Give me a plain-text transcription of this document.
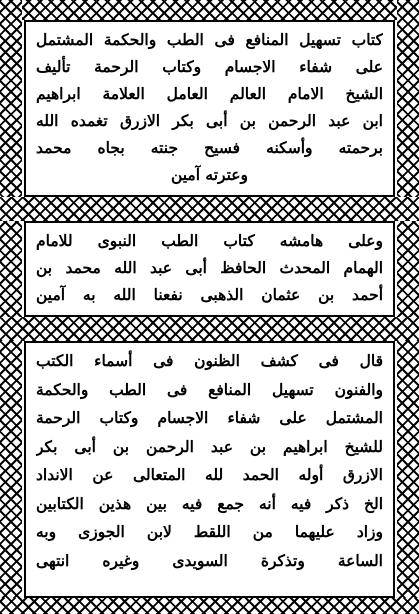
كتاب تسهيل المنافع فى الطب والحكمة المشتمل
على شفاء الاجسام وكتاب الرحمة تأليف
الشيخ الامام العالم العامل العلامة ابراهيم
ابن عبد الرحمن بن أبى بكر الازرق تغمده الله
برحمته وأسكنه فسيح جنته بجاه محمد
وعترته آمين
وعلى هامشه كتاب الطب النبوى للامام
الهمام المحدث الحافظ أبى عبد الله محمد بن
أحمد بن عثمان الذهبى نفعنا الله به آمين
قال فى كشف الظنون فى أسماء الكتب
والفنون تسهيل المنافع فى الطب والحكمة
المشتمل على شفاء الاجسام وكتاب الرحمة
للشيخ ابراهيم بن عبد الرحمن بن أبى بكر
الازرق أوله الحمد لله المتعالى عن الانداد
الخ ذكر فيه أنه جمع فيه بين هذين الكتابين
وزاد عليهما من اللقط لابن الجوزى وبه
الساعة وتذكرة السويدى وغيره انتهى
